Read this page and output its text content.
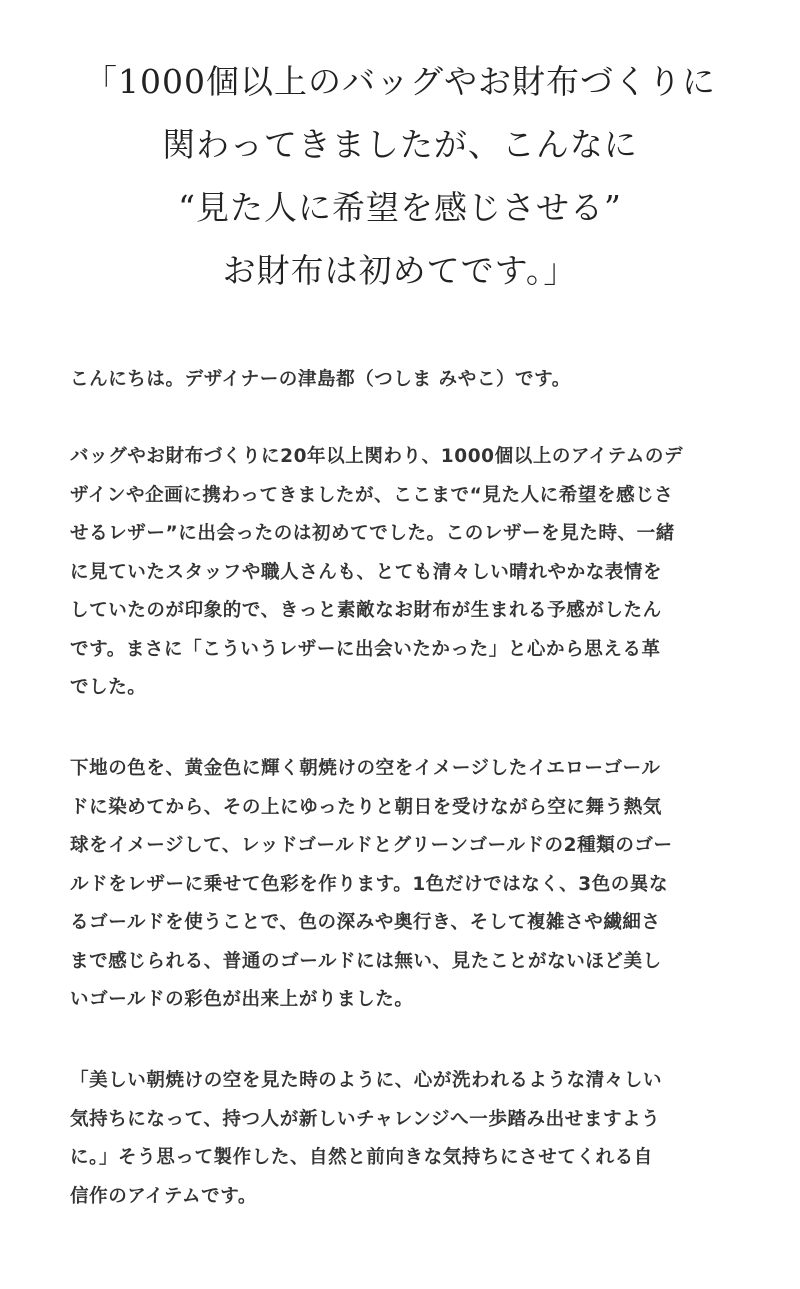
「1000個以上のバッグやお財布づくりに
関わってきましたが、こんなに
“見た人に希望を感じさせる”
お財布は初めてです。」
こんにちは。デザイナーの津島都（つしま みやこ）です。
バッグやお財布づくりに20年以上関わり、1000個以上のアイテムのデ
ザインや企画に携わってきましたが、ここまで“見た人に希望を感じさ
せるレザー”に出会ったのは初めてでした。このレザーを見た時、一緒
に見ていたスタッフや職人さんも、とても清々しい晴れやかな表情を
していたのが印象的で、きっと素敵なお財布が生まれる予感がしたん
です。まさに「こういうレザーに出会いたかった」と心から思える革
でした。
下地の色を、黄金色に輝く朝焼けの空をイメージしたイエローゴール
ドに染めてから、その上にゆったりと朝日を受けながら空に舞う熱気
球をイメージして、レッドゴールドとグリーンゴールドの2種類のゴー
ルドをレザーに乗せて色彩を作ります。1色だけではなく、3色の異な
るゴールドを使うことで、色の深みや奥行き、そして複雑さや繊細さ
まで感じられる、普通のゴールドには無い、見たことがないほど美し
いゴールドの彩色が出来上がりました。
「美しい朝焼けの空を見た時のように、心が洗われるような清々しい
気持ちになって、持つ人が新しいチャレンジへ一歩踏み出せますよう
に。」そう思って製作した、自然と前向きな気持ちにさせてくれる自
信作のアイテムです。
